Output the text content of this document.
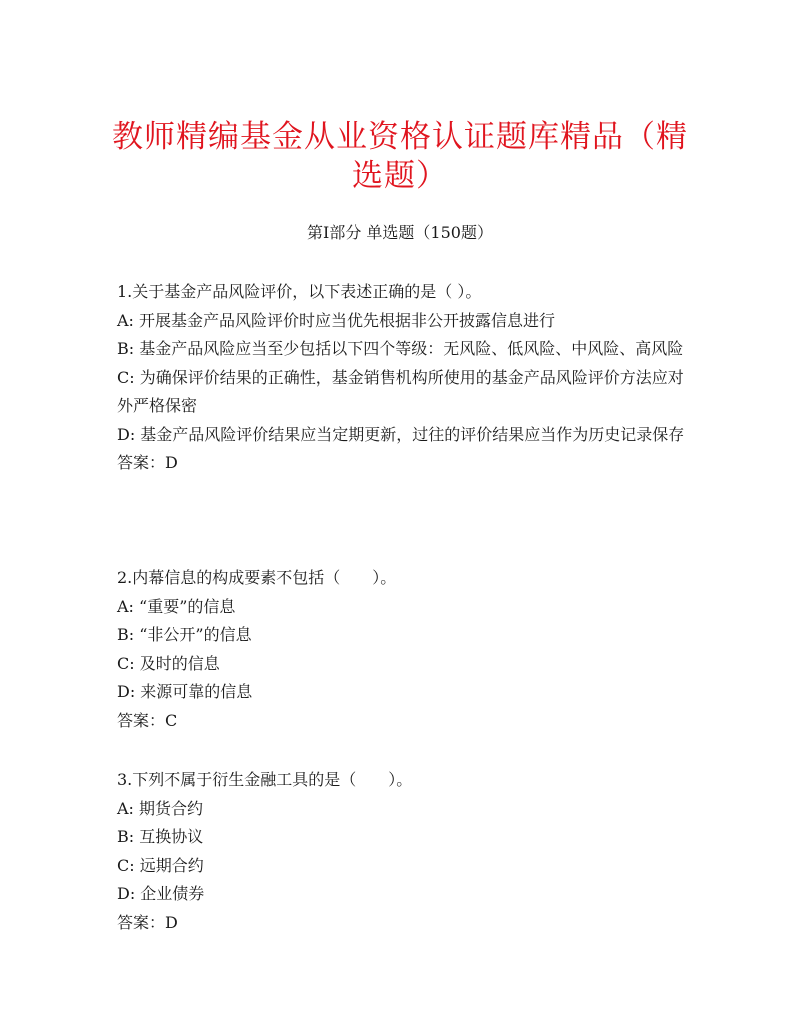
教师精编基金从业资格认证题库精品（精选题）
第Ⅰ部分 单选题（150题）
1.关于基金产品风险评价，以下表述正确的是（ ）。
A: 开展基金产品风险评价时应当优先根据非公开披露信息进行
B: 基金产品风险应当至少包括以下四个等级：无风险、低风险、中风险、高风险
C: 为确保评价结果的正确性，基金销售机构所使用的基金产品风险评价方法应对外严格保密
D: 基金产品风险评价结果应当定期更新，过往的评价结果应当作为历史记录保存
答案：D
2.内幕信息的构成要素不包括（　　）。
A: “重要”的信息
B: “非公开”的信息
C: 及时的信息
D: 来源可靠的信息
答案：C
3.下列不属于衍生金融工具的是（　　）。
A: 期货合约
B: 互换协议
C: 远期合约
D: 企业债券
答案：D
